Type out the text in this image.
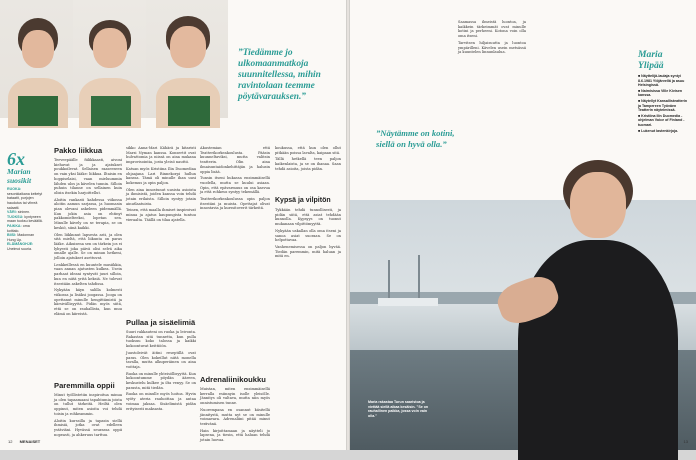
”Tiedämme jo ulkomaanmatkoja suunnitellessa, mihin ravintolaan teemme pöytävarauksen.”
6x
Marian suosikit
RUOKA: sesonkiaikana keitetyt bataatit, purjojen haudutus tai vihreä salaatti.
VÄRI: sininen.
TUOKSU: kyntyneen maan tuoksu keväällä.
PAIKKA: oma kotitalo.
BIISI: Madonnan Hung Up.
ELÄMÄNOHJE: Unelmoi suuria.
Pakko liikkua

Teeveepäälle fiilikkaasti, aivoni kiehuvat ja ja ajatukset poukkoilevat. Sellaisen raaseeseen on vain yksi lääke: liikkua. Iltaisin en hoppiselaisi, vaan mieluummin lähden ulos ja kävelen tunnin. Silloin puhuin tilanne on sellainen kuin olisin itsekin harjoittellut.

Aloitin rankasti kahdessa viikossa aloitin aamun sarjassa, ja huomasin pian olevani askeleen pidemmällä. Kun jokin asia on ehtinyt pakkomielteeksi, lopetan sen. Minulle kävely on se terapia, se on keskiö, siinä kaikki.

Olen liikkunut lapsesta asti, ja olen sitä mieltä, että liikunta on paras lääke. Aikuisena sen on tärkein jos ei lyhyesti joka päivä olisi selvä aika omalle ajalle. Se on minun hetkeni, jolloin ajatukset asettuvat.

Lenkkeillessä en kuuntele musiikkia, vaan annan ajatusten kulkea. Usein parhaat ideani syntyvät juuri silloin, kun en niitä yritä keksiä. Ne tulevat itsestään askelten tahdissa.

Nykyään käyn salilla kolmesti viikossa ja lisäksi joogassa. Jooga on opettanut minulle hengittämistä ja kärsivällisyyttä. Pidän myös siitä, että se on rauhallista, kun muu elämä on kiireistä.

Paremmilla oppii

Minut työllistetiin inspiroitua minua ja olen tapaamaani tapahtumia joista on tullut tärkeitä. Heiltä olen oppinut, miten asioita voi tehdä toisin ja rohkeammin.

Aloitin kurssilla ja tapasin siellä ihmisiä, jotka ovat edelleen ystäviäni. Hyvässä seurassa oppii nopeasti, ja ahkeruus tarttuu.

sikko Anna-Mari Kähärä ja kitaristi Marzi Nyman kanssa. Konsertit ovat hulvattomia ja niissä on aina mukana improvisointia, josta yleisö nauttii.

Katsan myös Kristiina Ilin Duomediaa ohjaajana Lari Rinnekorpi hullun kanssa. Tämä oli minulle ihan uusi kokemus ja opin paljon.

Olen aina innostunut uusista asioista ja ihmisistä, joiden kanssa voin tehdä jotain erilaista. Silloin syntyy jotain ainutlaatuista.

Teinen, että maalla ihmiset inspiroivat minua ja ajatus kaupungista tuntuu vieraalta. Täällä on tilaa ajatella.

Pullaa ja sisäelimiä

Suuri rakkauteni on ruoka ja leivonta. Rakastan sitä tunnetta, kun pulla tuoksuu koko talossa ja kaikki kokoontuvat keittiöön.

Juustoleivät äitini reseptillä ovat paras. Olen kokeillut niitä monella tavalla, mutta alkuperäinen on aina voittaja.

Ruoka on minulle yhteisöllisyyttä. Kun kokoontumme pöydän ääreen, keskustelu kulkee ja ilta venyy. Se on parasta, mitä tiedän.

Ruoka on minulle myös hoitoa. Hyvin syöty ateria rauhoittaa ja antaa voimaa jaksaa. Sisäelimistä pidän erityisesti maksasta.

Akustemian että Teatterikorkeakoulusta. Pääsin kuunneltaviksi, mutta valitsin teatterin. Olin aina ilmaisuntaidonkehittäjän ja halusin oppia lisää.

Tunsin itseni hukassa ensimmäisellä vuodella, mutta se kuului asiaan. Opin, että epävarmuus on osa kasvua ja että rohkeus syntyy tekemällä.

Teatterikorkeakoulussa opin paljon itsestäni ja muista. Opettajat olivat innostavia ja kurssitoverit tärkeitä.

Adrenaliinikoukku

Muistan, miten ensimmäisellä kerralla esiinnyin isolle yleisölle. Jännitys oli valtava, mutta niin myös onnistumisen tunne.

Nuorempana en osannut käsitellä jännitystä, mutta nyt se on minulle voimavara. Adrenaliini pitää minut terävänä.

Hain kirjoittamaan ja näytteli jo lapsena, ja tiesin, että haluan tehdä jotain luovaa.

koukussa, että kun olen ollut pitkään poissa lavalta, kaipaan sitä.

Tällä hetkellä teen paljon kaikenlaista, ja se on ihanaa. Saan tehdä asioita, joista pidän.

Kypsä ja vilpitön

Tykkään tehdä tunnollisesti, ja pidän siitä, että asiat tehdään kunnolla. Kypsyys on tuonut mukanaan vilpittömyyttä.

Nykyään uskallan olla oma itseni ja sanoa asiat suoraan. Se on helpottavaa.

Vanhenemisessa on paljon hyvää. Tiedän paremmin, mitä haluan ja mitä en.

12 MENAISET
”Näytämme on kotini, siellä on hyvä olla.”

Saamassa ilmeistä luontoa, ja kaikkein tärkeimmät ovat minulle kotini ja perheeni. Kotona voin olla oma itseni.

Tarvitsen hiljaisuutta ja luontoa ympärilleni. Kävelen usein metsässä ja kuuntelen linnunlaulua.

Maria rakastaa Turun saaristoa ja viettää siellä aikaa kesäisin. ”Se on rauhallinen paikka, jossa voin vain olla.”
Maria Ylipää
■ Näyttelijä-laulaja syntyi 8.6.1981 Ylöjärvellä ja asuu Helsingissä.
■ Naimisissa Ville Kivisen kanssa.
■ Näytellyt Kansallisteatterin ja Tampereen Työväen Teatterin näytelmissä.
■ Kristiina Ilin Duomedia -ohjelman Voice of Finland -tuomari.
■ Lukenut lastenkirjoja.
13
